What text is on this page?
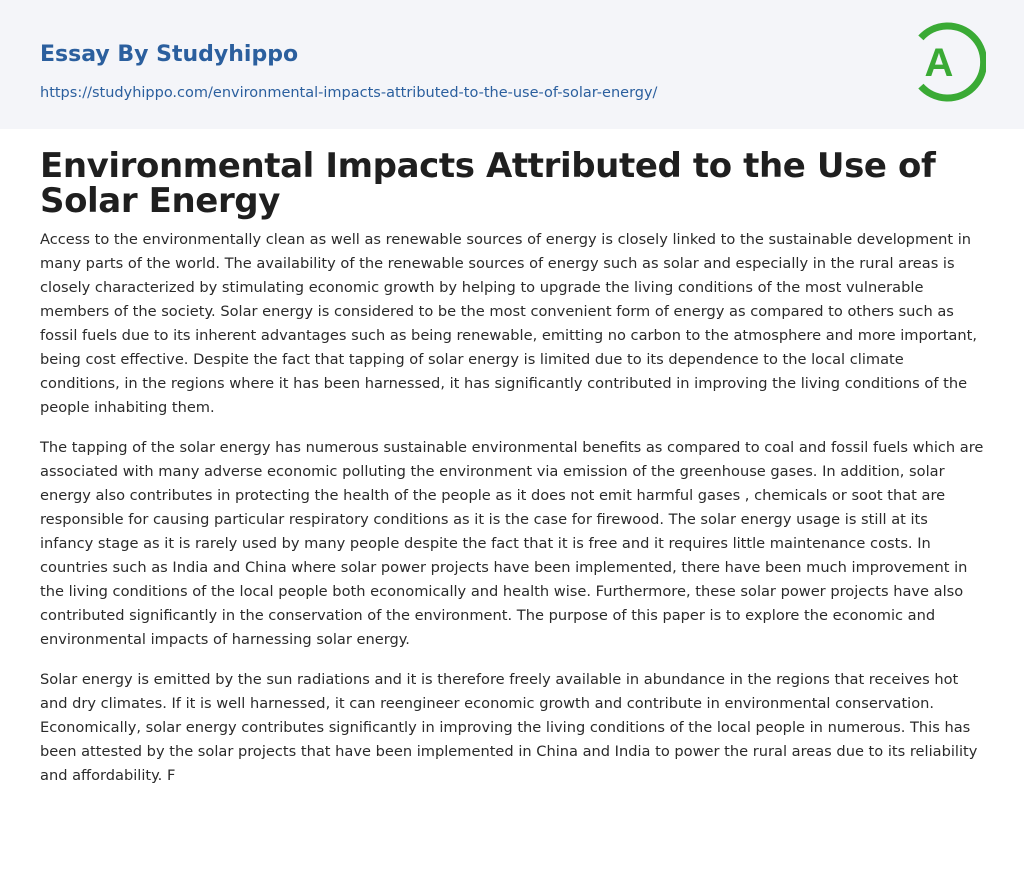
Essay By Studyhippo
https://studyhippo.com/environmental-impacts-attributed-to-the-use-of-solar-energy/
A
Environmental Impacts Attributed to the Use of Solar Energy

Access to the environmentally clean as well as renewable sources of energy is closely linked to the sustainable development in many parts of the world. The availability of the renewable sources of energy such as solar and especially in the rural areas is closely characterized by stimulating economic growth by helping to upgrade the living conditions of the most vulnerable members of the society. Solar energy is considered to be the most convenient form of energy as compared to others such as fossil fuels due to its inherent advantages such as being renewable, emitting no carbon to the atmosphere and more important, being cost effective. Despite the fact that tapping of solar energy is limited due to its dependence to the local climate conditions, in the regions where it has been harnessed, it has significantly contributed in improving the living conditions of the people inhabiting them.

The tapping of the solar energy has numerous sustainable environmental benefits as compared to coal and fossil fuels which are associated with many adverse economic polluting the environment via emission of the greenhouse gases. In addition, solar energy also contributes in protecting the health of the people as it does not emit harmful gases , chemicals or soot that are responsible for causing particular respiratory conditions as it is the case for firewood. The solar energy usage is still at its infancy stage as it is rarely used by many people despite the fact that it is free and it requires little maintenance costs. In countries such as India and China where solar power projects have been implemented, there have been much improvement in the living conditions of the local people both economically and health wise. Furthermore, these solar power projects have also contributed significantly in the conservation of the environment. The purpose of this paper is to explore the economic and environmental impacts of harnessing solar energy.

Solar energy is emitted by the sun radiations and it is therefore freely available in abundance in the regions that receives hot and dry climates. If it is well harnessed, it can reengineer economic growth and contribute in environmental conservation. Economically, solar energy contributes significantly in improving the living conditions of the local people in numerous. This has been attested by the solar projects that have been implemented in China and India to power the rural areas due to its reliability and affordability. F
